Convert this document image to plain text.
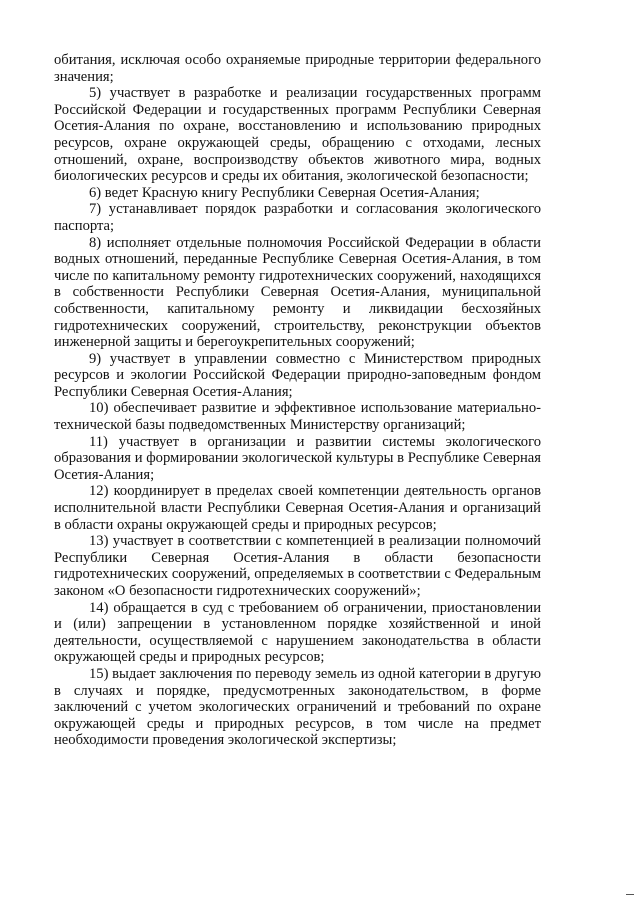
обитания, исключая особо охраняемые природные территории федерального значения;

5) участвует в разработке и реализации государственных программ Российской Федерации и государственных программ Республики Северная Осетия-Алания по охране, восстановлению и использованию природных ресурсов, охране окружающей среды, обращению с отходами, лесных отношений, охране, воспроизводству объектов животного мира, водных биологических ресурсов и среды их обитания, экологической безопасности;

6) ведет Красную книгу Республики Северная Осетия-Алания;

7) устанавливает порядок разработки и согласования экологического паспорта;

8) исполняет отдельные полномочия Российской Федерации в области водных отношений, переданные Республике Северная Осетия-Алания, в том числе по капитальному ремонту гидротехнических сооружений, находящихся в собственности Республики Северная Осетия-Алания, муниципальной собственности, капитальному ремонту и ликвидации бесхозяйных гидротехнических сооружений, строительству, реконструкции объектов инженерной защиты и берегоукрепительных сооружений;

9) участвует в управлении совместно с Министерством природных ресурсов и экологии Российской Федерации природно-заповедным фондом Республики Северная Осетия-Алания;

10) обеспечивает развитие и эффективное использование материально-технической базы подведомственных Министерству организаций;

11) участвует в организации и развитии системы экологического образования и формировании экологической культуры в Республике Северная Осетия-Алания;

12) координирует в пределах своей компетенции деятельность органов исполнительной власти Республики Северная Осетия-Алания и организаций в области охраны окружающей среды и природных ресурсов;

13) участвует в соответствии с компетенцией в реализации полномочий Республики Северная Осетия-Алания в области безопасности гидротехнических сооружений, определяемых в соответствии с Федеральным законом «О безопасности гидротехнических сооружений»;

14) обращается в суд с требованием об ограничении, приостановлении и (или) запрещении в установленном порядке хозяйственной и иной деятельности, осуществляемой с нарушением законодательства в области окружающей среды и природных ресурсов;

15) выдает заключения по переводу земель из одной категории в другую в случаях и порядке, предусмотренных законодательством, в форме заключений с учетом экологических ограничений и требований по охране окружающей среды и природных ресурсов, в том числе на предмет необходимости проведения экологической экспертизы;
